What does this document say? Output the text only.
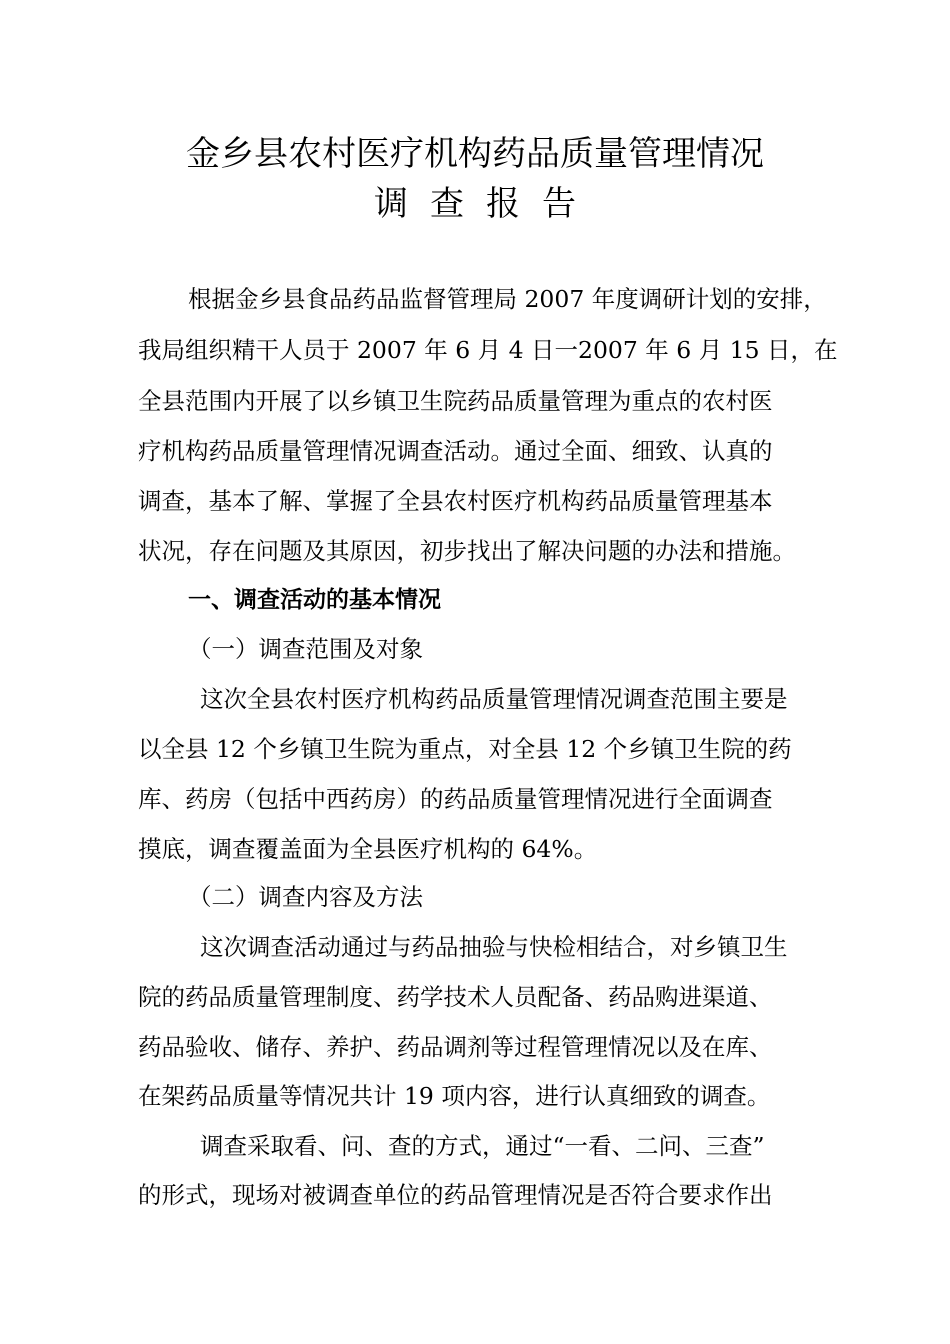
金乡县农村医疗机构药品质量管理情况
调查报告
根据金乡县食品药品监督管理局 2007 年度调研计划的安排，
我局组织精干人员于 2007 年 6 月 4 日一2007 年 6 月 15 日，在
全县范围内开展了以乡镇卫生院药品质量管理为重点的农村医
疗机构药品质量管理情况调查活动。通过全面、细致、认真的
调查，基本了解、掌握了全县农村医疗机构药品质量管理基本
状况，存在问题及其原因，初步找出了解决问题的办法和措施。
一、调查活动的基本情况
（一）调查范围及对象
这次全县农村医疗机构药品质量管理情况调查范围主要是
以全县 12 个乡镇卫生院为重点，对全县 12 个乡镇卫生院的药
库、药房（包括中西药房）的药品质量管理情况进行全面调查
摸底，调查覆盖面为全县医疗机构的 64%。
（二）调查内容及方法
这次调查活动通过与药品抽验与快检相结合，对乡镇卫生
院的药品质量管理制度、药学技术人员配备、药品购进渠道、
药品验收、储存、养护、药品调剂等过程管理情况以及在库、
在架药品质量等情况共计 19 项内容，进行认真细致的调查。
调查采取看、问、查的方式，通过“一看、二问、三查”
的形式，现场对被调查单位的药品管理情况是否符合要求作出
